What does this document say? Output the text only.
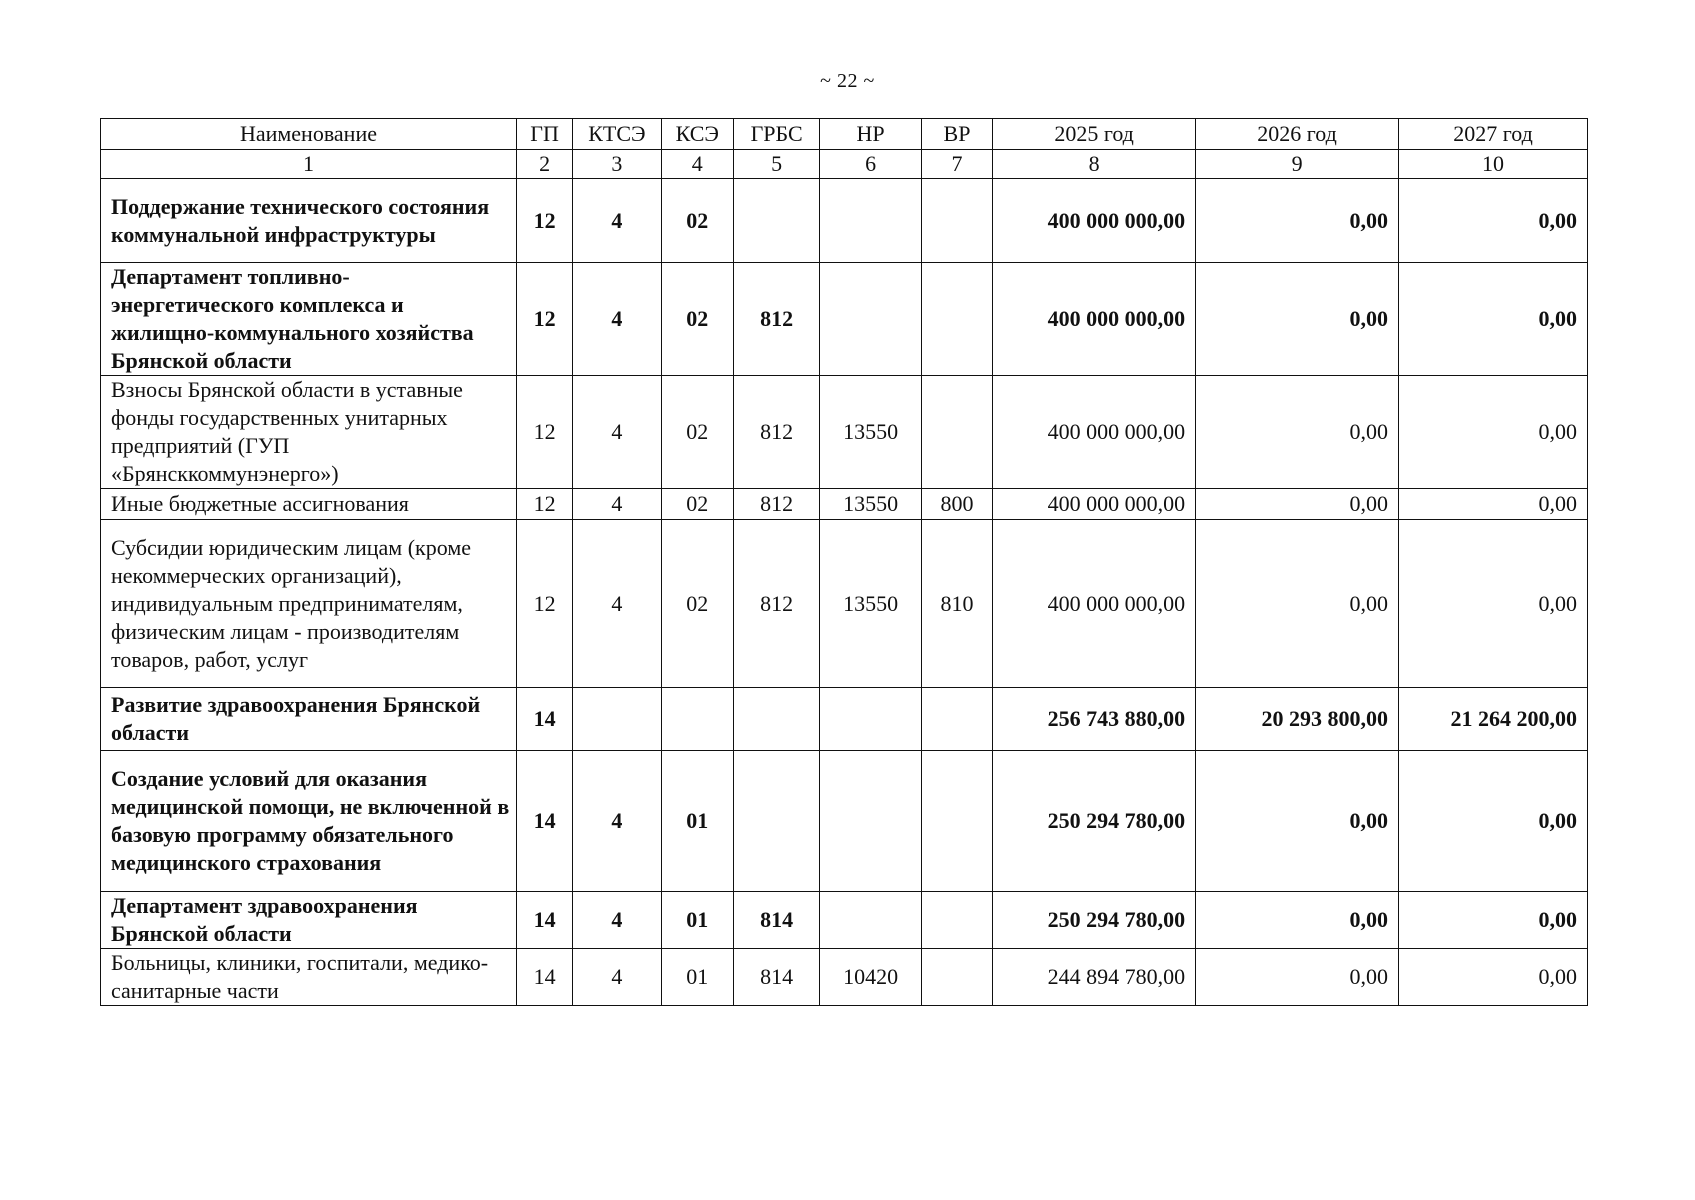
~ 22 ~
Наименование	ГП	КТСЭ	КСЭ	ГРБС	НР	ВР	2025 год	2026 год	2027 год
1	2	3	4	5	6	7	8	9	10
Поддержание технического состояния коммунальной инфраструктуры	12	4	02				400 000 000,00	0,00	0,00
Департамент топливно-энергетического комплекса и жилищно-коммунального хозяйства Брянской области	12	4	02	812			400 000 000,00	0,00	0,00
Взносы Брянской области в уставные фонды государственных унитарных предприятий (ГУП «Брянсккоммунэнерго»)	12	4	02	812	13550		400 000 000,00	0,00	0,00
Иные бюджетные ассигнования	12	4	02	812	13550	800	400 000 000,00	0,00	0,00
Субсидии юридическим лицам (кроме некоммерческих организаций), индивидуальным предпринимателям, физическим лицам - производителям товаров, работ, услуг	12	4	02	812	13550	810	400 000 000,00	0,00	0,00
Развитие здравоохранения Брянской области	14						256 743 880,00	20 293 800,00	21 264 200,00
Создание условий для оказания медицинской помощи, не включенной в базовую программу обязательного медицинского страхования	14	4	01				250 294 780,00	0,00	0,00
Департамент здравоохранения Брянской области	14	4	01	814			250 294 780,00	0,00	0,00
Больницы, клиники, госпитали, медико-санитарные части	14	4	01	814	10420		244 894 780,00	0,00	0,00
